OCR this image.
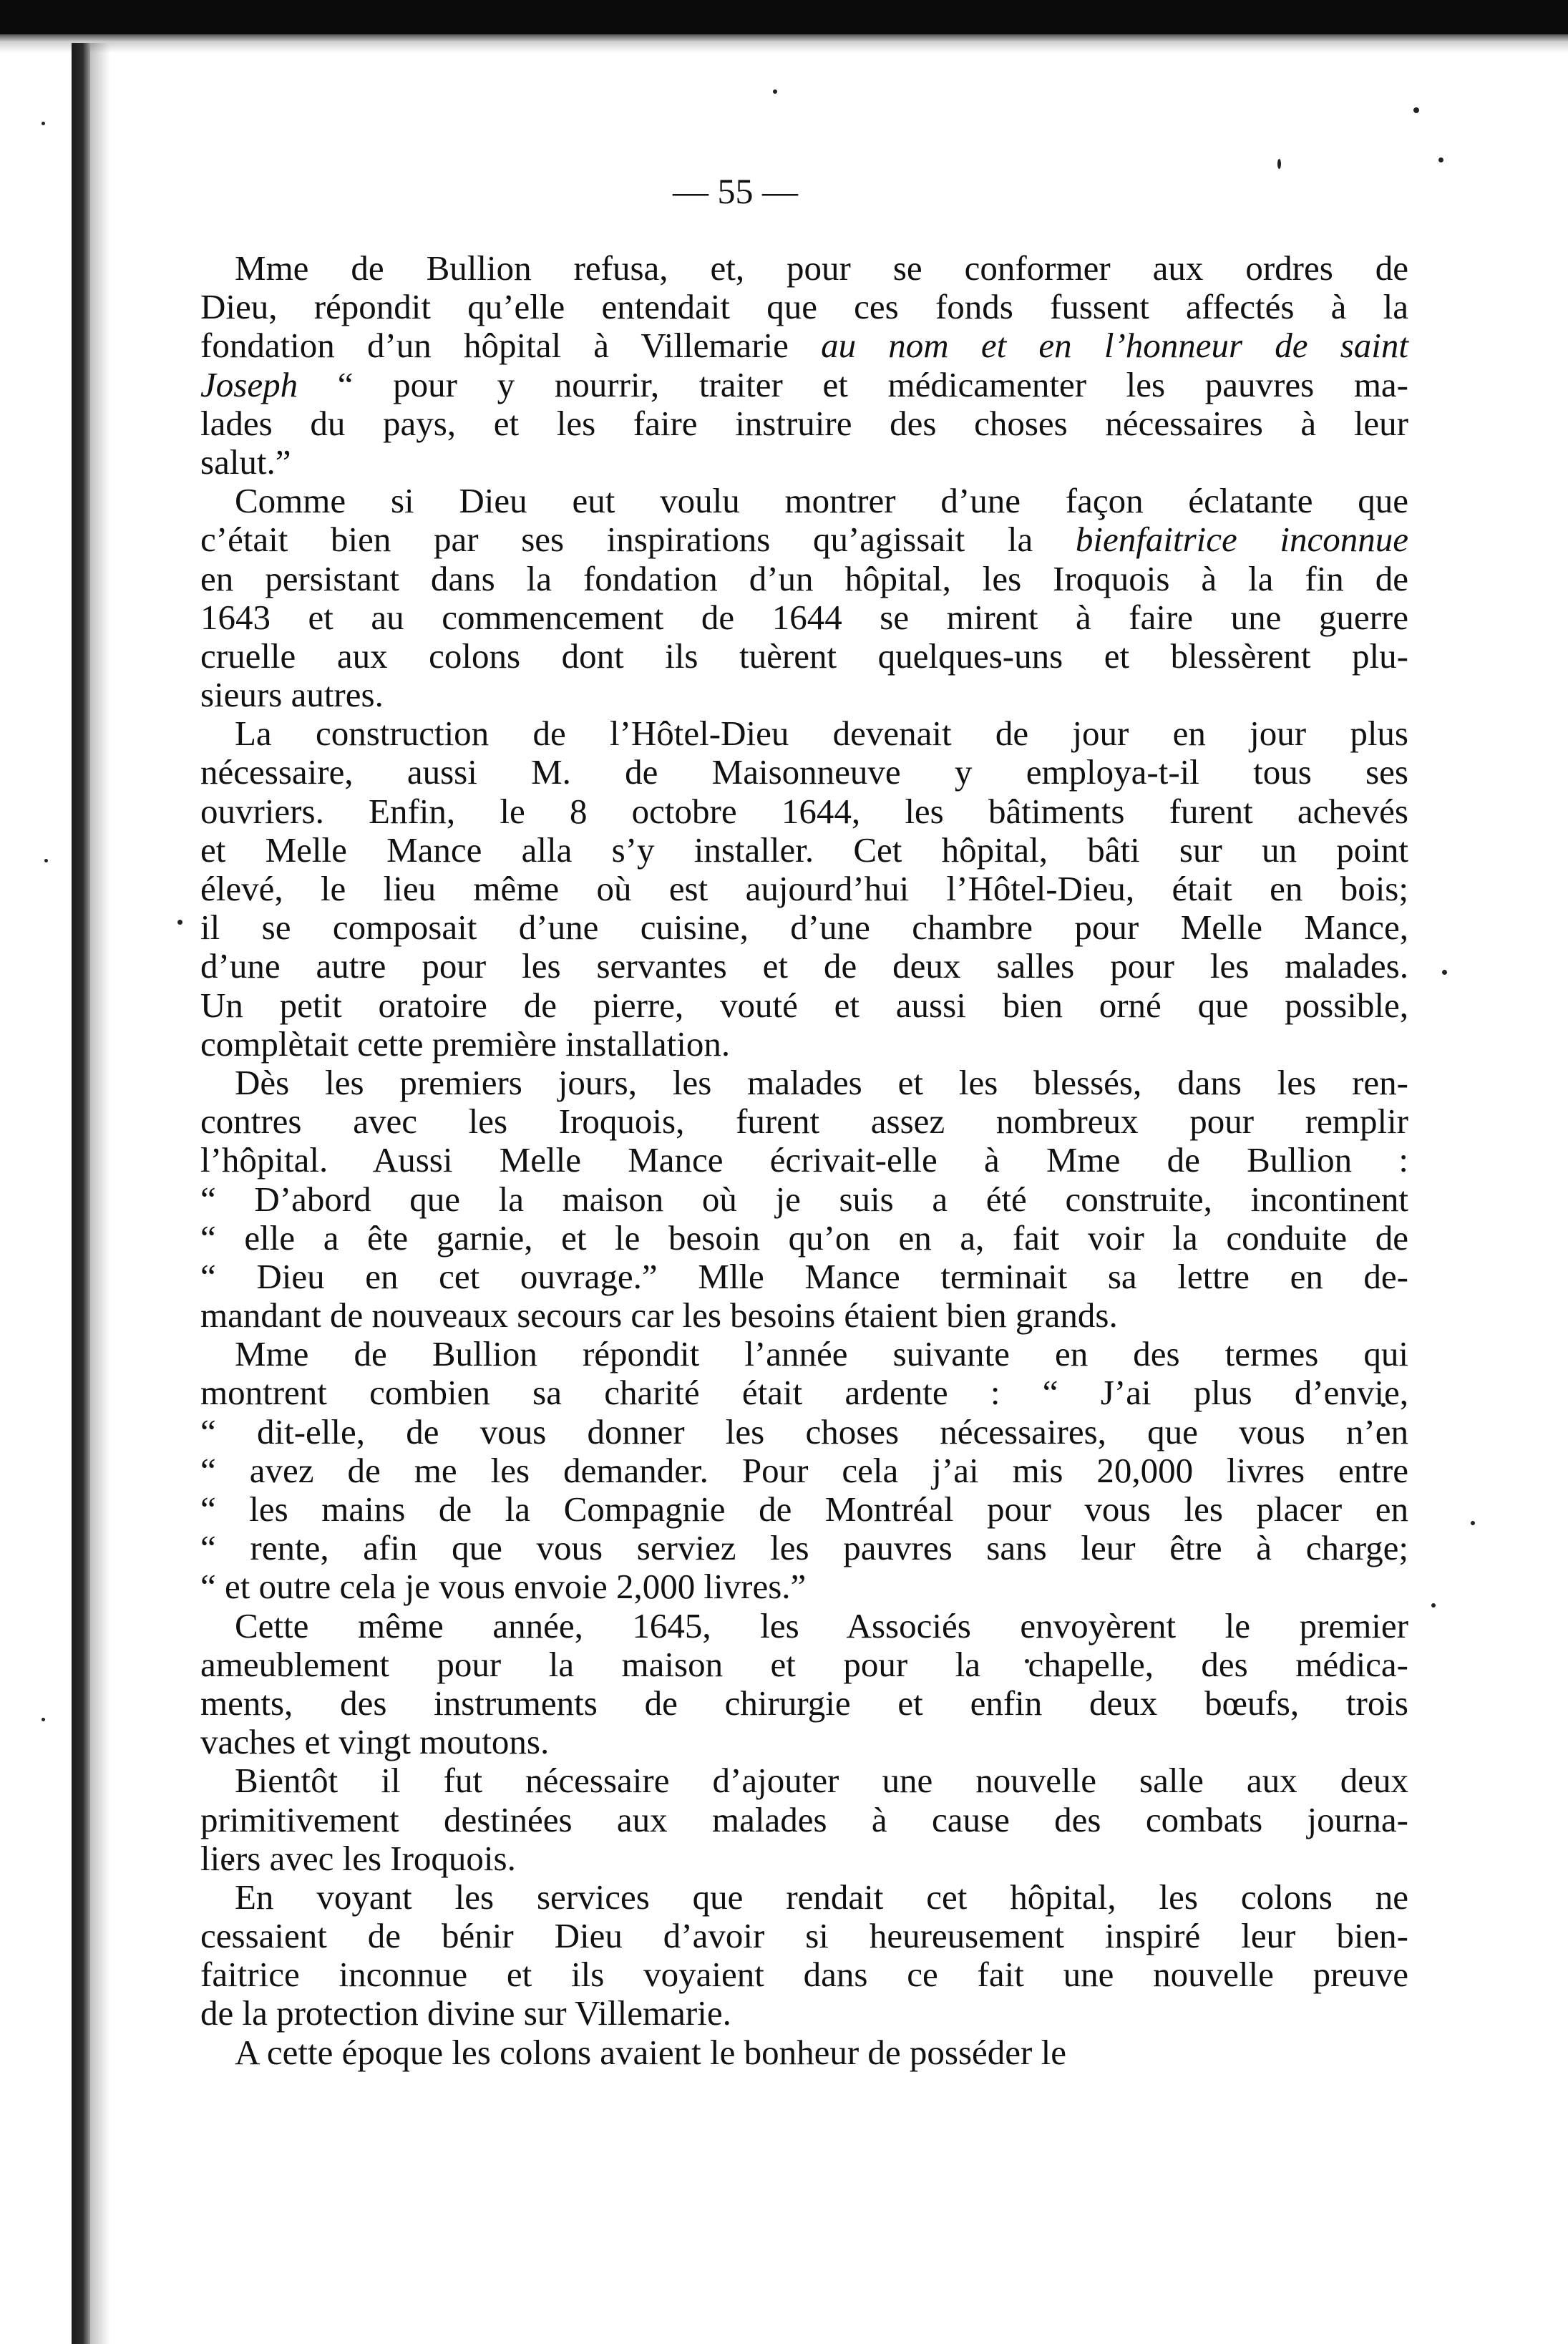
— 55 —
Mme de Bullion refusa, et, pour se conformer aux ordres de
Dieu, répondit qu’elle entendait que ces fonds fussent affectés à la
fondation d’un hôpital à Villemarie au nom et en l’honneur de saint
Joseph “ pour y nourrir, traiter et médicamenter les pauvres ma-
lades du pays, et les faire instruire des choses nécessaires à leur
salut.”
Comme si Dieu eut voulu montrer d’une façon éclatante que
c’était bien par ses inspirations qu’agissait la bienfaitrice inconnue
en persistant dans la fondation d’un hôpital, les Iroquois à la fin de
1643 et au commencement de 1644 se mirent à faire une guerre
cruelle aux colons dont ils tuèrent quelques-uns et blessèrent plu-
sieurs autres.
La construction de l’Hôtel-Dieu devenait de jour en jour plus
nécessaire, aussi M. de Maisonneuve y employa-t-il tous ses
ouvriers. Enfin, le 8 octobre 1644, les bâtiments furent achevés
et Melle Mance alla s’y installer. Cet hôpital, bâti sur un point
élevé, le lieu même où est aujourd’hui l’Hôtel-Dieu, était en bois;
il se composait d’une cuisine, d’une chambre pour Melle Mance,
d’une autre pour les servantes et de deux salles pour les malades.
Un petit oratoire de pierre, vouté et aussi bien orné que possible,
complètait cette première installation.
Dès les premiers jours, les malades et les blessés, dans les ren-
contres avec les Iroquois, furent assez nombreux pour remplir
l’hôpital. Aussi Melle Mance écrivait-elle à Mme de Bullion :
“ D’abord que la maison où je suis a été construite, incontinent
“ elle a ête garnie, et le besoin qu’on en a, fait voir la conduite de
“ Dieu en cet ouvrage.” Mlle Mance terminait sa lettre en de-
mandant de nouveaux secours car les besoins étaient bien grands.
Mme de Bullion répondit l’année suivante en des termes qui
montrent combien sa charité était ardente : “ J’ai plus d’envie,
“ dit-elle, de vous donner les choses nécessaires, que vous n’en
“ avez de me les demander. Pour cela j’ai mis 20,000 livres entre
“ les mains de la Compagnie de Montréal pour vous les placer en
“ rente, afin que vous serviez les pauvres sans leur être à charge;
“ et outre cela je vous envoie 2,000 livres.”
Cette même année, 1645, les Associés envoyèrent le premier
ameublement pour la maison et pour la chapelle, des médica-
ments, des instruments de chirurgie et enfin deux bœufs, trois
vaches et vingt moutons.
Bientôt il fut nécessaire d’ajouter une nouvelle salle aux deux
primitivement destinées aux malades à cause des combats journa-
liers avec les Iroquois.
En voyant les services que rendait cet hôpital, les colons ne
cessaient de bénir Dieu d’avoir si heureusement inspiré leur bien-
faitrice inconnue et ils voyaient dans ce fait une nouvelle preuve
de la protection divine sur Villemarie.
A cette époque les colons avaient le bonheur de posséder le
